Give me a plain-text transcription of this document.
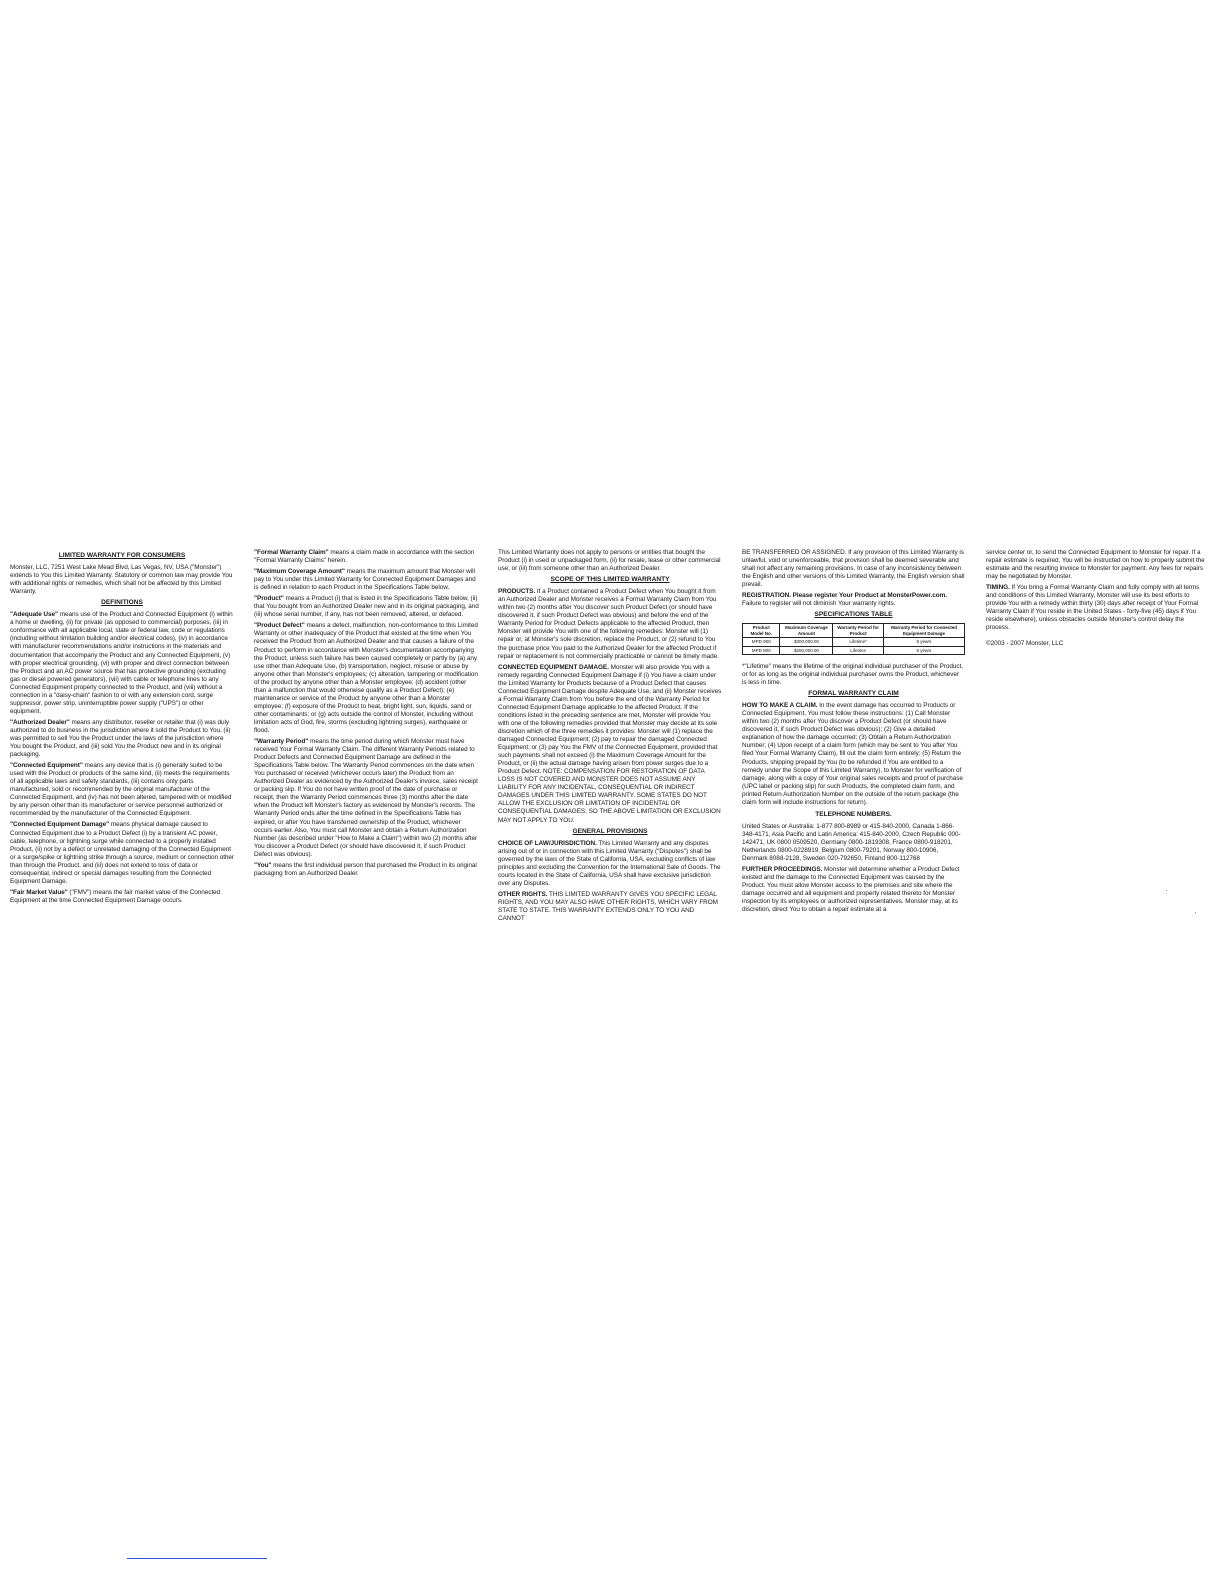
LIMITED WARRANTY FOR CONSUMERS

Monster, LLC, 7251 West Lake Mead Blvd, Las Vegas, NV, USA ("Monster") extends to You this Limited Warranty. Statutory or common law may provide You with additional rights or remedies, which shall not be affected by this Limited Warranty.

DEFINITIONS

"Adequate Use" means use of the Product and Connected Equipment (i) within a home or dwelling, (ii) for private (as opposed to commercial) purposes, (iii) in conformance with all applicable local, state or federal law, code or regulations (including without limitation building and/or electrical codes), (iv) in accordance with manufacturer recommendations and/or instructions in the materials and documentation that accompany the Product and any Connected Equipment, (v) with proper electrical grounding, (vi) with proper and direct connection between the Product and an AC power source that has protective grounding (excluding gas or diesel powered generators), (vii) with cable or telephone lines to any Connected Equipment properly connected to the Product, and (viii) without a connection in a "daisy-chain" fashion to or with any extension cord, surge suppressor, power strip, uninterruptible power supply ("UPS") or other equipment.

"Authorized Dealer" means any distributor, reseller or retailer that (i) was duly authorized to do business in the jurisdiction where it sold the Product to You, (ii) was permitted to sell You the Product under the laws of the jurisdiction where You bought the Product, and (iii) sold You the Product new and in its original packaging.

"Connected Equipment" means any device that is (i) generally suited to be used with the Product or products of the same kind, (ii) meets the requirements of all applicable laws and safety standards, (iii) contains only parts manufactured, sold or recommended by the original manufacturer of the Connected Equipment, and (iv) has not been altered, tampered with or modified by any person other than its manufacturer or service personnel authorized or recommended by the manufacturer of the Connected Equipment.

"Connected Equipment Damage" means physical damage caused to Connected Equipment due to a Product Defect (i) by a transient AC power, cable, telephone, or lightning surge while connected to a properly installed Product, (ii) not by a defect or unrelated damaging of the Connected Equipment or a surge/spike or lightning strike through a source, medium or connection other than through the Product, and (iii) does not extend to loss of data or consequential, indirect or special damages resulting from the Connected Equipment Damage.

"Fair Market Value" ("FMV") means the fair market value of the Connected Equipment at the time Connected Equipment Damage occurs.

"Formal Warranty Claim" means a claim made in accordance with the section "Formal Warranty Claims" herein.

"Maximum Coverage Amount" means the maximum amount that Monster will pay to You under this Limited Warranty for Connected Equipment Damages and is defined in relation to each Product in the Specifications Table below.

"Product" means a Product (i) that is listed in the Specifications Table below, (ii) that You bought from an Authorized Dealer new and in its original packaging, and (iii) whose serial number, if any, has not been removed, altered, or defaced.

"Product Defect" means a defect, malfunction, non-conformance to this Limited Warranty or other inadequacy of the Product that existed at the time when You received the Product from an Authorized Dealer and that causes a failure of the Product to perform in accordance with Monster's documentation accompanying the Product, unless such failure has been caused completely or partly by (a) any use other than Adequate Use, (b) transportation, neglect, misuse or abuse by anyone other than Monster's employees; (c) alteration, tampering or modification of the product by anyone other than a Monster employee; (d) accident (other than a malfunction that would otherwise qualify as a Product Defect); (e) maintenance or service of the Product by anyone other than a Monster employee; (f) exposure of the Product to heat, bright light, sun, liquids, sand or other contaminants; or (g) acts outside the control of Monster, including without limitation acts of God, fire, storms (excluding lightning surges), earthquake or flood.

"Warranty Period" means the time period during which Monster must have received Your Formal Warranty Claim. The different Warranty Periods related to Product Defects and Connected Equipment Damage are defined in the Specifications Table below. The Warranty Period commences on the date when You purchased or received (whichever occurs later) the Product from an Authorized Dealer as evidenced by the Authorized Dealer's invoice, sales receipt or packing slip. If You do not have written proof of the date of purchase or receipt, then the Warranty Period commences three (3) months after the date when the Product left Monster's factory as evidenced by Monster's records. The Warranty Period ends after the time defined in the Specifications Table has expired, or after You have transferred ownership of the Product, whichever occurs earlier. Also, You must call Monster and obtain a Return Authorization Number (as described under "How to Make a Claim") within two (2) months after You discover a Product Defect (or should have discovered it, if such Product Defect was obvious).

"You" means the first individual person that purchased the Product in its original packaging from an Authorized Dealer.

This Limited Warranty does not apply to persons or entities that bought the Product (i) in used or unpackaged form, (ii) for resale, lease or other commercial use, or (iii) from someone other than an Authorized Dealer.

SCOPE OF THIS LIMITED WARRANTY

PRODUCTS. If a Product contained a Product Defect when You bought it from an Authorized Dealer and Monster receives a Formal Warranty Claim from You within two (2) months after You discover such Product Defect (or should have discovered it, if such Product Defect was obvious) and before the end of the Warranty Period for Product Defects applicable to the affected Product, then Monster will provide You with one of the following remedies: Monster will (1) repair or, at Monster's sole discretion, replace the Product, or (2) refund to You the purchase price You paid to the Authorized Dealer for the affected Product if repair or replacement is not commercially practicable or cannot be timely made.

CONNECTED EQUIPMENT DAMAGE. Monster will also provide You with a remedy regarding Connected Equipment Damage if (i) You have a claim under the Limited Warranty for Products because of a Product Defect that causes Connected Equipment Damage despite Adequate Use, and (ii) Monster receives a Formal Warranty Claim from You before the end of the Warranty Period for Connected Equipment Damage applicable to the affected Product. If the conditions listed in the preceding sentence are met, Monster will provide You with one of the following remedies provided that Monster may decide at its sole discretion which of the three remedies it provides: Monster will (1) replace the damaged Connected Equipment; (2) pay to repair the damaged Connected Equipment; or (3) pay You the FMV of the Connected Equipment, provided that such payments shall not exceed (i) the Maximum Coverage Amount for the Product, or (ii) the actual damage having arisen from power surges due to a Product Defect. NOTE: COMPENSATION FOR RESTORATION OF DATA LOSS IS NOT COVERED AND MONSTER DOES NOT ASSUME ANY LIABILITY FOR ANY INCIDENTAL, CONSEQUENTIAL OR INDIRECT DAMAGES UNDER THIS LIMITED WARRANTY. SOME STATES DO NOT ALLOW THE EXCLUSION OR LIMITATION OF INCIDENTAL OR CONSEQUENTIAL DAMAGES, SO THE ABOVE LIMITATION OR EXCLUSION MAY NOT APPLY TO YOU.

GENERAL PROVISIONS

CHOICE OF LAW/JURISDICTION. This Limited Warranty and any disputes arising out of or in connection with this Limited Warranty ("Disputes") shall be governed by the laws of the State of California, USA, excluding conflicts of law principles and excluding the Convention for the International Sale of Goods. The courts located in the State of California, USA shall have exclusive jurisdiction over any Disputes.

OTHER RIGHTS. THIS LIMITED WARRANTY GIVES YOU SPECIFIC LEGAL RIGHTS, AND YOU MAY ALSO HAVE OTHER RIGHTS, WHICH VARY FROM STATE TO STATE. THIS WARRANTY EXTENDS ONLY TO YOU AND CANNOT

BE TRANSFERRED OR ASSIGNED. If any provision of this Limited Warranty is unlawful, void or unenforceable, that provision shall be deemed severable and shall not affect any remaining provisions. In case of any inconsistency between the English and other versions of this Limited Warranty, the English version shall prevail.

REGISTRATION. Please register Your Product at MonsterPower.com. Failure to register will not diminish Your warranty rights.

SPECIFICATIONS TABLE
Product Model No.	Maximum Coverage Amount	Warranty Period for Product	Warranty Period for Connected Equipment Damage
MPD 900	$300,000.00	Lifetime*	5 years
MPD 800	$250,000.00	Lifetime	5 years

*"Lifetime" means the lifetime of the original individual purchaser of the Product, or for as long as the original individual purchaser owns the Product, whichever is less in time.

FORMAL WARRANTY CLAIM

HOW TO MAKE A CLAIM. In the event damage has occurred to Products or Connected Equipment, You must follow these instructions: (1) Call Monster within two (2) months after You discover a Product Defect (or should have discovered it, if such Product Defect was obvious); (2) Give a detailed explanation of how the damage occurred; (3) Obtain a Return Authorization Number; (4) Upon receipt of a claim form (which may be sent to You after You filed Your Formal Warranty Claim), fill out the claim form entirely; (5) Return the Products, shipping prepaid by You (to be refunded if You are entitled to a remedy under the Scope of this Limited Warranty), to Monster for verification of damage, along with a copy of Your original sales receipts and proof of purchase (UPC label or packing slip) for such Products, the completed claim form, and printed Return Authorization Number on the outside of the return package (the claim form will include instructions for return).

TELEPHONE NUMBERS.

United States or Australia: 1-877 800-8989 or 415-840-2000, Canada 1-866-348-4171, Asia Pacific and Latin America: 415-840-2000, Czech Republic 000-142471, UK 0800 0509520, Germany 0800-1819308, France 0800-918201, Netherlands 0800-0228919, Belgium 0800-79201, Norway 800-10906, Denmark 8088-2128, Sweden 020-792650, Finland 800-112768

FURTHER PROCEEDINGS. Monster will determine whether a Product Defect existed and the damage to the Connected Equipment was caused by the Product. You must allow Monster access to the premises and site where the damage occurred and all equipment and property related thereto for Monster inspection by its employees or authorized representatives. Monster may, at its discretion, direct You to obtain a repair estimate at a

service center or, to send the Connected Equipment to Monster for repair. If a repair estimate is required, You will be instructed on how to properly submit the estimate and the resulting invoice to Monster for payment. Any fees for repairs may be negotiated by Monster.

TIMING. If You bring a Formal Warranty Claim and fully comply with all terms and conditions of this Limited Warranty, Monster will use its best efforts to provide You with a remedy within thirty (30) days after receipt of Your Formal Warranty Claim if You reside in the United States - forty-five (45) days if You reside elsewhere), unless obstacles outside Monster's control delay the process.

©2003 - 2007 Monster, LLC
